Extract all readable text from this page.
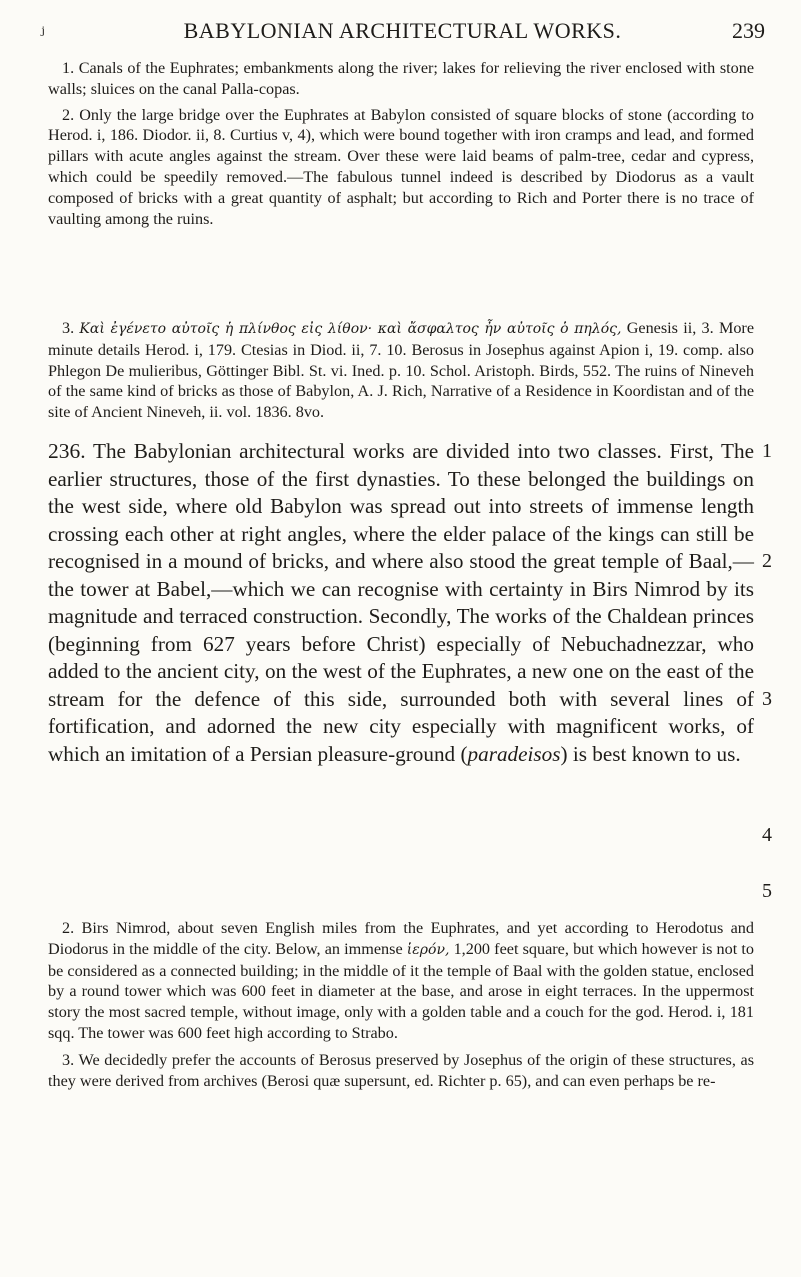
ⱼ	BABYLONIAN ARCHITECTURAL WORKS.	239

1. Canals of the Euphrates; embankments along the river; lakes for relieving the river enclosed with stone walls; sluices on the canal Palla-copas.

2. Only the large bridge over the Euphrates at Babylon consisted of square blocks of stone (according to Herod. i, 186. Diodor. ii, 8. Curtius v, 4), which were bound together with iron cramps and lead, and formed pillars with acute angles against the stream. Over these were laid beams of palm-tree, cedar and cypress, which could be speedily removed.—The fabulous tunnel indeed is described by Diodorus as a vault composed of bricks with a great quantity of asphalt; but according to Rich and Porter there is no trace of vaulting among the ruins.

3. Καὶ ἐγένετο αὐτοῖς ἡ πλίνθος εἰς λίθον· καὶ ἄσφαλτος ἦν αὐτοῖς ὁ πηλός, Genesis ii, 3. More minute details Herod. i, 179. Ctesias in Diod. ii, 7. 10. Berosus in Josephus against Apion i, 19. comp. also Phlegon De mulieribus, Göttinger Bibl. St. vi. Ined. p. 10. Schol. Aristoph. Birds, 552. The ruins of Nineveh of the same kind of bricks as those of Babylon, A. J. Rich, Narrative of a Residence in Koordistan and of the site of Ancient Nineveh, ii. vol. 1836. 8vo.

236. The Babylonian architectural works are divided into two classes. First, The earlier structures, those of the first dynasties. To these belonged the buildings on the west side, where old Babylon was spread out into streets of immense length crossing each other at right angles, where the elder palace of the kings can still be recognised in a mound of bricks, and where also stood the great temple of Baal,—the tower at Babel,—which we can recognise with certainty in Birs Nimrod by its magnitude and terraced construction. Secondly, The works of the Chaldean princes (beginning from 627 years before Christ) especially of Nebuchadnezzar, who added to the ancient city, on the west of the Euphrates, a new one on the east of the stream for the defence of this side, surrounded both with several lines of fortification, and adorned the new city especially with magnificent works, of which an imitation of a Persian pleasure-ground (paradeisos) is best known to us.

1
2
3
4
5

2. Birs Nimrod, about seven English miles from the Euphrates, and yet according to Herodotus and Diodorus in the middle of the city. Below, an immense ἱερόν, 1,200 feet square, but which however is not to be considered as a connected building; in the middle of it the temple of Baal with the golden statue, enclosed by a round tower which was 600 feet in diameter at the base, and arose in eight terraces. In the uppermost story the most sacred temple, without image, only with a golden table and a couch for the god. Herod. i, 181 sqq. The tower was 600 feet high according to Strabo.

3. We decidedly prefer the accounts of Berosus preserved by Josephus of the origin of these structures, as they were derived from archives (Berosi quæ supersunt, ed. Richter p. 65), and can even perhaps be re-
